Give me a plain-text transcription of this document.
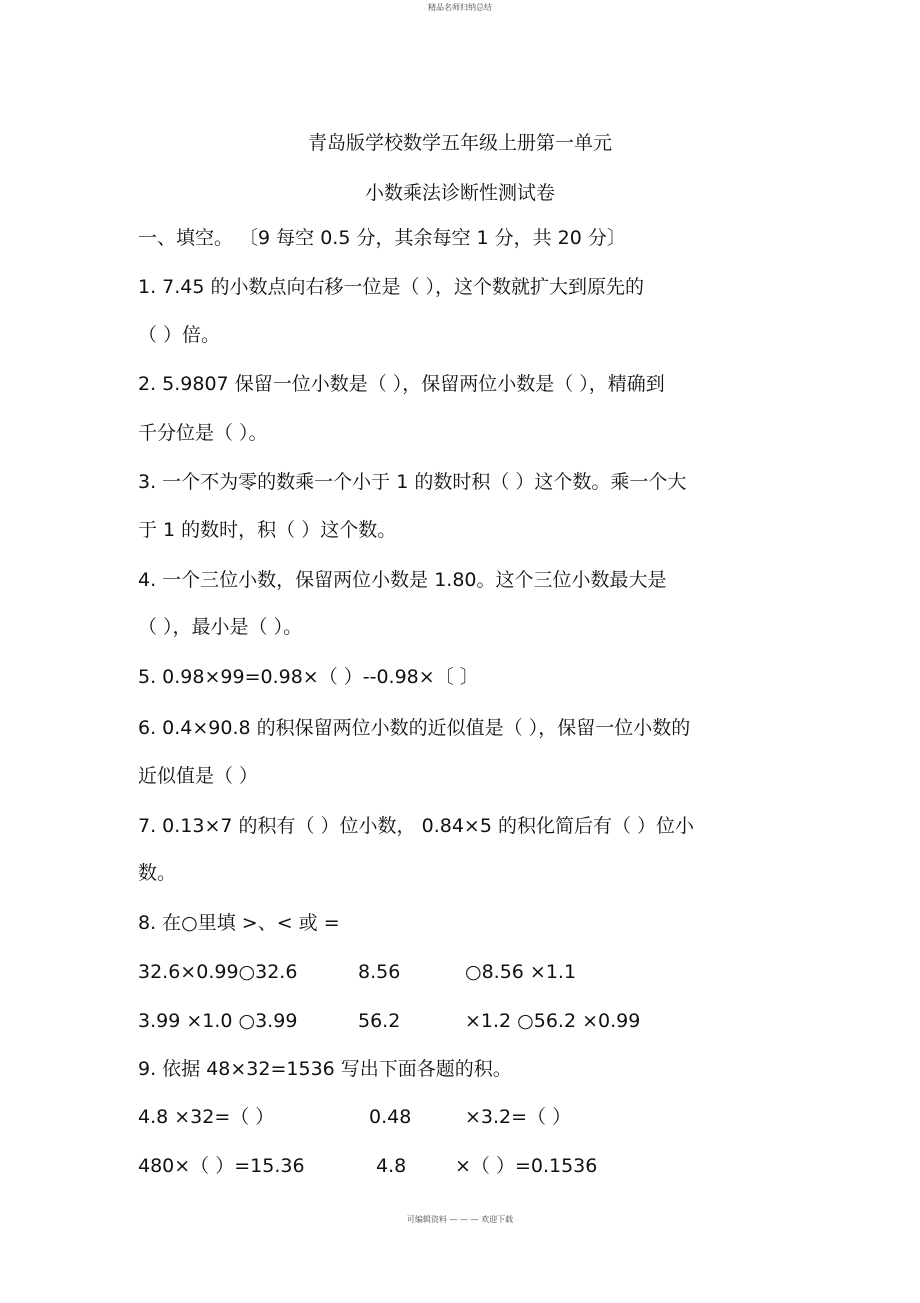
精品名师归纳总结
青岛版学校数学五年级上册第一单元
小数乘法诊断性测试卷
一、填空。 〔9 每空 0.5 分，其余每空 1 分，共 20 分〕
1. 7.45 的小数点向右移一位是（ ），这个数就扩大到原先的
（ ）倍。
2. 5.9807 保留一位小数是（ ），保留两位小数是（ ），精确到
千分位是（ ）。
3. 一个不为零的数乘一个小于 1 的数时积（ ）这个数。乘一个大
于 1 的数时，积（ ）这个数。
4. 一个三位小数，保留两位小数是 1.80。这个三位小数最大是
（ ），最小是（ ）。
5. 0.98×99=0.98×（ ）--0.98×〔 〕
6. 0.4×90.8 的积保留两位小数的近似值是（ ），保留一位小数的
近似值是（ ）
7. 0.13×7 的积有（ ）位小数， 0.84×5 的积化简后有（ ）位小
数。
8. 在○里填 >、< 或 =
32.6×0.99○32.6	8.56	○8.56 ×1.1
3.99 ×1.0 ○3.99	56.2	×1.2 ○56.2 ×0.99
9. 依据 48×32=1536 写出下面各题的积。
4.8 ×32=（ ）	0.48	×3.2=（ ）
480×（ ）=15.36	4.8	×（ ）=0.1536
可编辑资料 — — — 欢迎下载
